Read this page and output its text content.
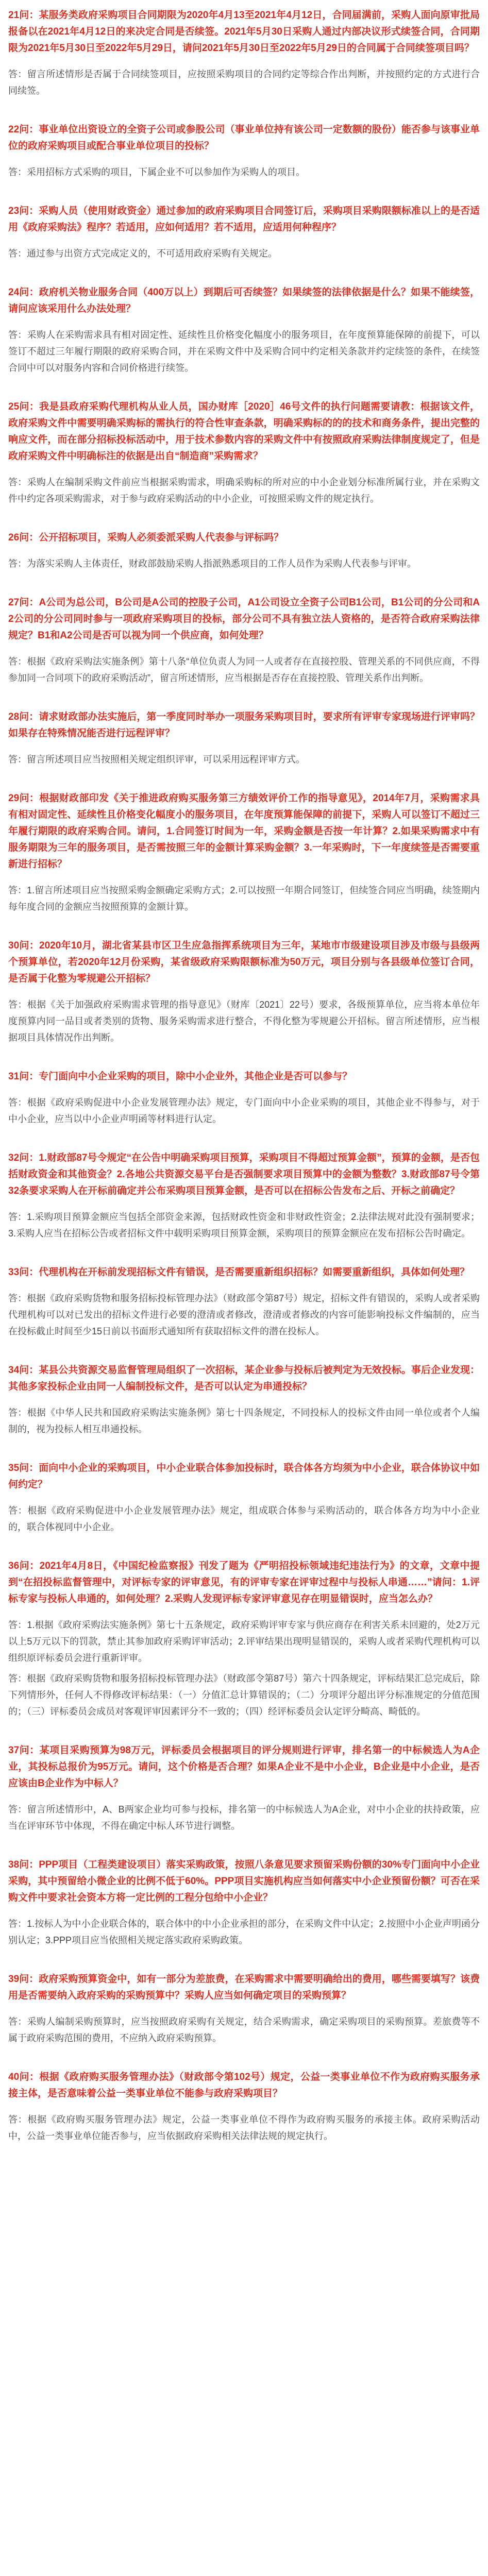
21问：某服务类政府采购项目合同期限为2020年4月13至2021年4月12日，合同届满前，采购人面向原审批局报备以在2021年4月12日的来决定合同是否续签。2021年5月30日采购人通过内部决议形式续签合同，合同期限为2021年5月30日至2022年5月29日，请问2021年5月30日至2022年5月29日的合同属于合同续签项目吗？

答：留言所述情形是否属于合同续签项目，应按照采购项目的合同约定等综合作出判断，并按照约定的方式进行合同续签。

22问：事业单位出资设立的全资子公司或参股公司（事业单位持有该公司一定数额的股份）能否参与该事业单位的政府采购项目或配合事业单位项目的投标？

答：采用招标方式采购的项目，下属企业不可以参加作为采购人的项目。

23问：采购人员（使用财政资金）通过参加的政府采购项目合同签订后，采购项目采购限额标准以上的是否适用《政府采购法》程序？若适用，应如何适用？若不适用，应适用何种程序？

答：通过参与出资方式完成定义的，不可适用政府采购有关规定。

24问：政府机关物业服务合同（400万以上）到期后可否续签？如果续签的法律依据是什么？如果不能续签，请问应该采用什么办法处理？

答：采购人在采购需求具有相对固定性、延续性且价格变化幅度小的服务项目，在年度预算能保障的前提下，可以签订不超过三年履行期限的政府采购合同，并在采购文件中及采购合同中约定相关条款并约定续签的条件，在续签合同中可以对服务内容和合同价格进行续签。

25问：我是县政府采购代理机构从业人员，国办财库［2020］46号文件的执行问题需要请教：根据该文件，政府采购文件中需要明确采购标的需执行的符合性审查条款，明确采购标的的的技术和商务条件，提出完整的响应文件，而在部分招标投标活动中，用于技术参数内容的采购文件中有按照政府采购法律制度规定了，但是政府采购文件中明确标注的依据是出自“制造商”采购需求？

答：采购人在编制采购文件前应当根据采购需求，明确采购标的所对应的中小企业划分标准所属行业，并在采购文件中约定各项采购需求，对于参与政府采购活动的中小企业，可按照采购文件的规定执行。

26问：公开招标项目，采购人必须委派采购人代表参与评标吗？

答：为落实采购人主体责任，财政部鼓励采购人指派熟悉项目的工作人员作为采购人代表参与评审。

27问：A公司为总公司，B公司是A公司的控股子公司，A1公司设立全资子公司B1公司，B1公司的分公司和A2公司的分公司同时参与一项政府采购项目的投标，部分公司不具有独立法人资格的，是否符合政府采购法律规定？B1和A2公司是否可以视为同一个供应商，如何处理？

答：根据《政府采购法实施条例》第十八条“单位负责人为同一人或者存在直接控股、管理关系的不同供应商，不得参加同一合同项下的政府采购活动”，留言所述情形，应当根据是否存在直接控股、管理关系作出判断。

28问：请求财政部办法实施后，第一季度同时举办一项服务采购项目时，要求所有评审专家现场进行评审吗？如果存在特殊情况能否进行远程评审？

答：留言所述项目应当按照相关规定组织评审，可以采用远程评审方式。

29问：根据财政部印发《关于推进政府购买服务第三方绩效评价工作的指导意见》，2014年7月，采购需求具有相对固定性、延续性且价格变化幅度小的服务项目，在年度预算能保障的前提下，采购人可以签订不超过三年履行期限的政府采购合同。请问，1.合同签订时间为一年，采购金额是否按一年计算？2.如果采购需求中有服务期限为三年的服务项目，是否需按照三年的金额计算采购金额？3.一年采购时，下一年度续签是否需要重新进行招标？

答：1.留言所述项目应当按照采购金额确定采购方式；2.可以按照一年期合同签订，但续签合同应当明确，续签期内每年度合同的金额应当按照预算的金额计算。

30问：2020年10月，湖北省某县市区卫生应急指挥系统项目为三年，某地市市级建设项目涉及市级与县级两个预算单位，若2020年12月份采购，某省级政府采购限额标准为50万元，项目分别与各县级单位签订合同，是否属于化整为零规避公开招标？

答：根据《关于加强政府采购需求管理的指导意见》（财库〔2021〕22号）要求，各级预算单位，应当将本单位年度预算内同一品目或者类别的货物、服务采购需求进行整合，不得化整为零规避公开招标。留言所述情形，应当根据项目具体情况作出判断。

31问：专门面向中小企业采购的项目，除中小企业外，其他企业是否可以参与？

答：根据《政府采购促进中小企业发展管理办法》规定，专门面向中小企业采购的项目，其他企业不得参与，对于中小企业，应当以中小企业声明函等材料进行认定。

32问：1.财政部87号令规定“在公告中明确采购项目预算，采购项目不得超过预算金额”，预算的金额，是否包括财政资金和其他资金？2.各地公共资源交易平台是否强制要求项目预算中的金额为整数？3.财政部87号令第32条要求采购人在开标前确定并公布采购项目预算金额，是否可以在招标公告发布之后、开标之前确定？

答：1.采购项目预算金额应当包括全部资金来源，包括财政性资金和非财政性资金；2.法律法规对此没有强制要求；3.采购人应当在招标公告或者招标文件中载明采购项目预算金额，采购项目的预算金额应在发布招标公告时确定。

33问：代理机构在开标前发现招标文件有错误，是否需要重新组织招标？如需要重新组织，具体如何处理？

答：根据《政府采购货物和服务招标投标管理办法》（财政部令第87号）规定，招标文件有错误的，采购人或者采购代理机构可以对已发出的招标文件进行必要的澄清或者修改，澄清或者修改的内容可能影响投标文件编制的，应当在投标截止时间至少15日前以书面形式通知所有获取招标文件的潜在投标人。

34问：某县公共资源交易监督管理局组织了一次招标，某企业参与投标后被判定为无效投标。事后企业发现：其他多家投标企业由同一人编制投标文件，是否可以认定为串通投标？

答：根据《中华人民共和国政府采购法实施条例》第七十四条规定，不同投标人的投标文件由同一单位或者个人编制的，视为投标人相互串通投标。

35问：面向中小企业的采购项目，中小企业联合体参加投标时，联合体各方均须为中小企业，联合体协议中如何约定？

答：根据《政府采购促进中小企业发展管理办法》规定，组成联合体参与采购活动的，联合体各方均为中小企业的，联合体视同中小企业。

36问：2021年4月8日，《中国纪检监察报》刊发了题为《严明招投标领域违纪违法行为》的文章，文章中提到“在招投标监督管理中，对评标专家的评审意见，有的评审专家在评审过程中与投标人串通……”请问：1.评标专家与投标人串通的，如何处理？2.采购人发现评标专家评审意见存在明显错误时，应当怎么办？

答：1.根据《政府采购法实施条例》第七十五条规定，政府采购评审专家与供应商存在利害关系未回避的，处2万元以上5万元以下的罚款，禁止其参加政府采购评审活动；2.评审结果出现明显错误的，采购人或者采购代理机构可以组织原评标委员会进行重新评审。

答：根据《政府采购货物和服务招标投标管理办法》（财政部令第87号）第六十四条规定，评标结果汇总完成后，除下列情形外，任何人不得修改评标结果：（一）分值汇总计算错误的；（二）分项评分超出评分标准规定的分值范围的；（三）评标委员会成员对客观评审因素评分不一致的；（四）经评标委员会认定评分畸高、畸低的。

37问：某项目采购预算为98万元，评标委员会根据项目的评分规则进行评审，排名第一的中标候选人为A企业，其投标总报价为95万元。请问，这个价格是否合理？如果A企业不是中小企业，B企业是中小企业，是否应该由B企业作为中标人？

答：留言所述情形中，A、B两家企业均可参与投标，排名第一的中标候选人为A企业，对中小企业的扶持政策，应当在评审环节中体现，不得在确定中标人环节进行调整。

38问：PPP项目（工程类建设项目）落实采购政策，按照八条意见要求预留采购份额的30%专门面向中小企业采购，其中预留给小微企业的比例不低于60%。PPP项目实施机构应当如何落实中小企业预留份额？可否在采购文件中要求社会资本方将一定比例的工程分包给中小企业？

答：1.按标人为中小企业联合体的，联合体中的中小企业承担的部分，在采购文件中认定；2.按照中小企业声明函分别认定；3.PPP项目应当依照相关规定落实政府采购政策。

39问：政府采购预算资金中，如有一部分为差旅费，在采购需求中需要明确给出的费用，哪些需要填写？该费用是否需要纳入政府采购的采购预算中？采购人应当如何确定项目的采购预算？

答：采购人编制采购预算时，应当按照政府采购有关规定，结合采购需求，确定采购项目的采购预算。差旅费等不属于政府采购范围的费用，不应纳入政府采购预算。

40问：根据《政府购买服务管理办法》（财政部令第102号）规定，公益一类事业单位不作为政府购买服务承接主体，是否意味着公益一类事业单位不能参与政府采购项目？

答：根据《政府购买服务管理办法》规定，公益一类事业单位不得作为政府购买服务的承接主体。政府采购活动中，公益一类事业单位能否参与，应当依据政府采购相关法律法规的规定执行。
